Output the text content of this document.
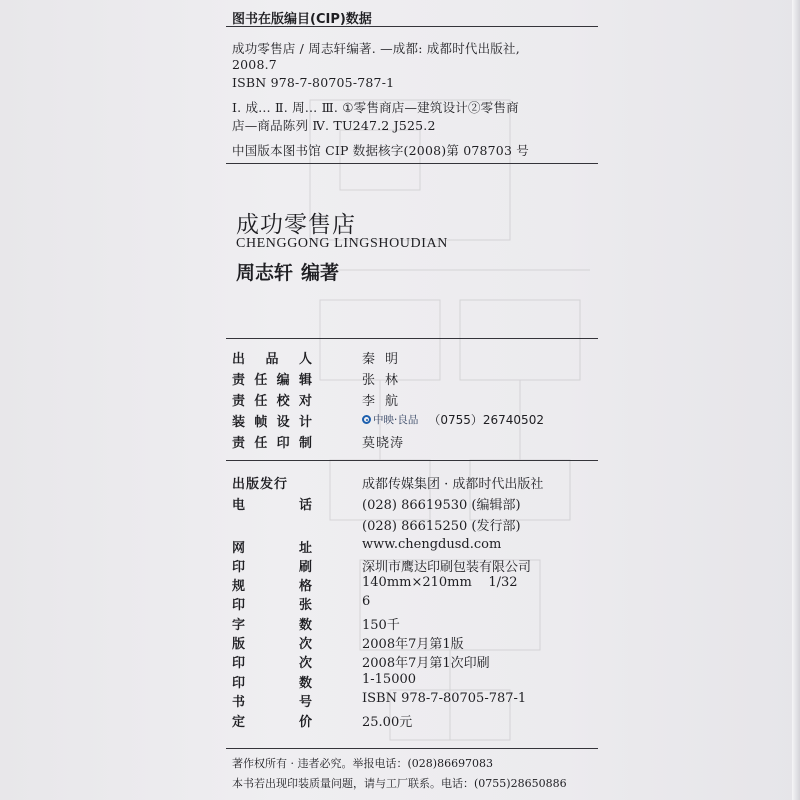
图书在版编目(CIP)数据
成功零售店 / 周志轩编著. —成都: 成都时代出版社,
2008.7
ISBN 978-7-80705-787-1
Ⅰ. 成… Ⅱ. 周… Ⅲ. ①零售商店—建筑设计②零售商
店—商品陈列 Ⅳ. TU247.2 J525.2
中国版本图书馆 CIP 数据核字(2008)第 078703 号
成功零售店
CHENGGONG LINGSHOUDIAN
周志轩 编著
出 品 人	秦明
责 任 编 辑	张林
责 任 校 对	李航
装 帧 设 计	中映·良品 （0755）26740502
责 任 印 制	莫晓涛
出版发行	成都传媒集团 · 成都时代出版社
电	话	(028) 86619530 (编辑部)
(028) 86615250 (发行部)
网	址	www.chengdusd.com
印	刷	深圳市鹰达印刷包装有限公司
规	格	140mm×210mm    1/32
印	张	6
字	数	150千
版	次	2008年7月第1版
印	次	2008年7月第1次印刷
印	数	1-15000
书	号	ISBN 978-7-80705-787-1
定	价	25.00元
著作权所有 · 违者必究。举报电话：(028)86697083
本书若出现印装质量问题，请与工厂联系。电话：(0755)28650886
